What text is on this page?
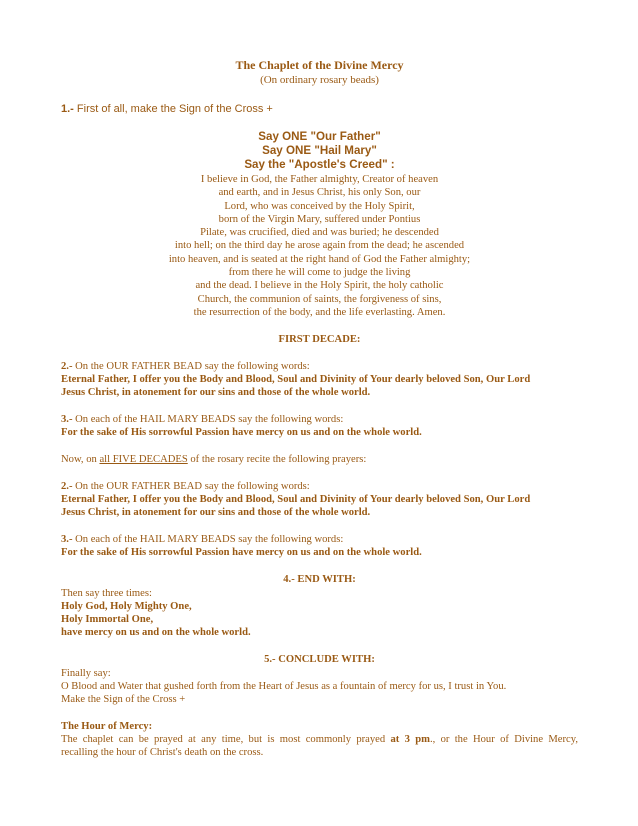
The Chaplet of the Divine Mercy
(On ordinary rosary beads)
1.- First of all, make the Sign of the Cross +
Say ONE "Our Father"
Say ONE "Hail Mary"
Say the "Apostle's Creed" :
I believe in God, the Father almighty, Creator of heaven
and earth, and in Jesus Christ, his only Son, our
Lord, who was conceived by the Holy Spirit,
born of the Virgin Mary, suffered under Pontius
Pilate, was crucified, died and was buried; he descended
into hell; on the third day he arose again from the dead; he ascended
into heaven, and is seated at the right hand of God the Father almighty;
from there he will come to judge the living
and the dead. I believe in the Holy Spirit, the holy catholic
Church, the communion of saints, the forgiveness of sins,
the resurrection of the body, and the life everlasting. Amen.
FIRST DECADE:
2.- On the OUR FATHER BEAD say the following words:
Eternal Father, I offer you the Body and Blood, Soul and Divinity of Your dearly beloved Son, Our Lord
Jesus Christ, in atonement for our sins and those of the whole world.
3.- On each of the HAIL MARY BEADS say the following words:
For the sake of His sorrowful Passion have mercy on us and on the whole world.
Now, on all FIVE DECADES of the rosary recite the following prayers:
2.- On the OUR FATHER BEAD say the following words:
Eternal Father, I offer you the Body and Blood, Soul and Divinity of Your dearly beloved Son, Our Lord
Jesus Christ, in atonement for our sins and those of the whole world.
3.- On each of the HAIL MARY BEADS say the following words:
For the sake of His sorrowful Passion have mercy on us and on the whole world.
4.- END WITH:
Then say three times:
Holy God, Holy Mighty One,
Holy Immortal One,
have mercy on us and on the whole world.
5.- CONCLUDE WITH:
Finally say:
O Blood and Water that gushed forth from the Heart of Jesus as a fountain of mercy for us, I trust in You.
Make the Sign of the Cross +
The Hour of Mercy:
The chaplet can be prayed at any time, but is most commonly prayed at 3 pm., or the Hour of Divine Mercy,
recalling the hour of Christ's death on the cross.
